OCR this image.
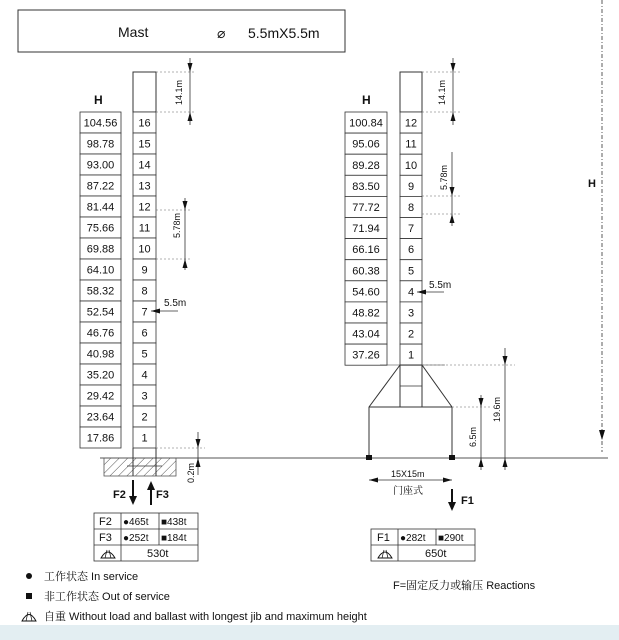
Mast	⌀ 5.5mX5.5m
H
H
104.56
98.78
93.00
87.22
81.44
75.66
69.88
64.10
58.32
52.54
46.76
40.98
35.20
29.42
23.64
17.86
16
15
14
13
12
11
10
9
8
7
6
5
4
3
2
1
14.1m
5.78m
5.5m
0.2m
F2	F3
F2 ●465t ■438t
F3 ●252t ■184t
530t
H
100.84
95.06
89.28
83.50
77.72
71.94
66.16
60.38
54.60
48.82
43.04
37.26
12
11
10
9
8
7
6
5
4
3
2
1
14.1m
5.78m
5.5m
19.6m
6.5m
15X15m
门座式
F1
F1 ●282t ■290t
650t
工作状态 In service
非工作状态 Out of service
自重 Without load and ballast with longest jib and maximum height
F=固定反力或输压 Reactions
